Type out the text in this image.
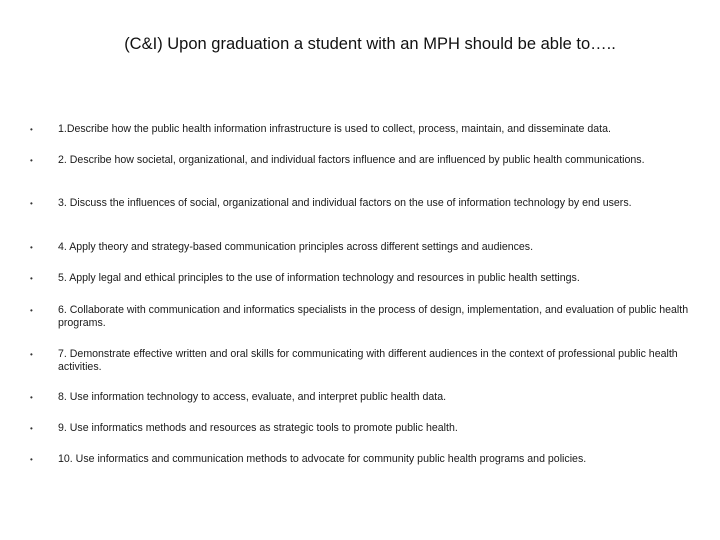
(C&I) Upon graduation a student with an MPH should be able to…..
• 1.Describe how the public health information infrastructure is used to collect, process, maintain, and disseminate data.
• 2. Describe how societal, organizational, and individual factors influence and are influenced by public health communications.
• 3. Discuss the influences of social, organizational and individual factors on the use of information technology by end users.
• 4. Apply theory and strategy-based communication principles across different settings and audiences.
• 5. Apply legal and ethical principles to the use of information technology and resources in public health settings.
• 6. Collaborate with communication and informatics specialists in the process of design, implementation, and evaluation of public health programs.
• 7. Demonstrate effective written and oral skills for communicating with different audiences in the context of professional public health activities.
• 8. Use information technology to access, evaluate, and interpret public health data.
• 9. Use informatics methods and resources as strategic tools to promote public health.
• 10. Use informatics and communication methods to advocate for community public health programs and policies.
